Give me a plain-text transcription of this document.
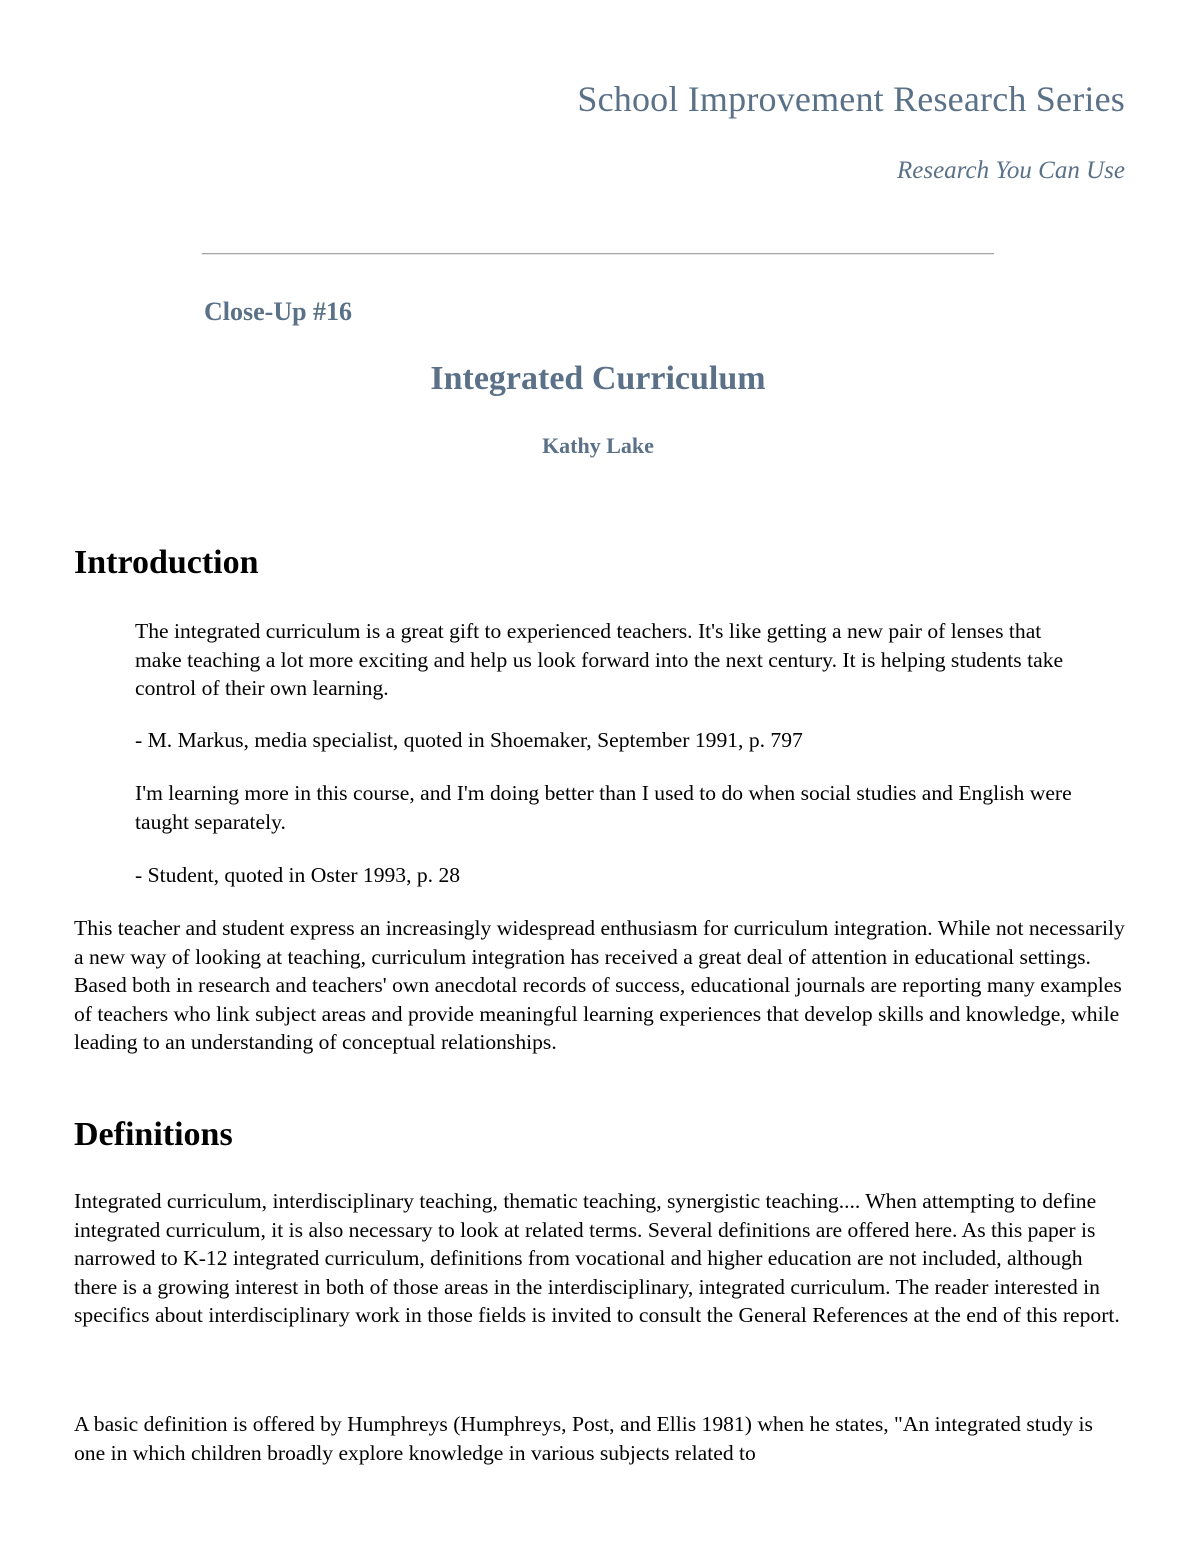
School Improvement Research Series

Research You Can Use

Close-Up #16

Integrated Curriculum

Kathy Lake

Introduction

The integrated curriculum is a great gift to experienced teachers. It's like getting a new pair of lenses that make teaching a lot more exciting and help us look forward into the next century. It is helping students take control of their own learning.

- M. Markus, media specialist, quoted in Shoemaker, September 1991, p. 797

I'm learning more in this course, and I'm doing better than I used to do when social studies and English were taught separately.

- Student, quoted in Oster 1993, p. 28

This teacher and student express an increasingly widespread enthusiasm for curriculum integration. While not necessarily a new way of looking at teaching, curriculum integration has received a great deal of attention in educational settings. Based both in research and teachers' own anecdotal records of success, educational journals are reporting many examples of teachers who link subject areas and provide meaningful learning experiences that develop skills and knowledge, while leading to an understanding of conceptual relationships.

Definitions

Integrated curriculum, interdisciplinary teaching, thematic teaching, synergistic teaching.... When attempting to define integrated curriculum, it is also necessary to look at related terms. Several definitions are offered here. As this paper is narrowed to K-12 integrated curriculum, definitions from vocational and higher education are not included, although there is a growing interest in both of those areas in the interdisciplinary, integrated curriculum. The reader interested in specifics about interdisciplinary work in those fields is invited to consult the General References at the end of this report.

A basic definition is offered by Humphreys (Humphreys, Post, and Ellis 1981) when he states, "An integrated study is one in which children broadly explore knowledge in various subjects related to
